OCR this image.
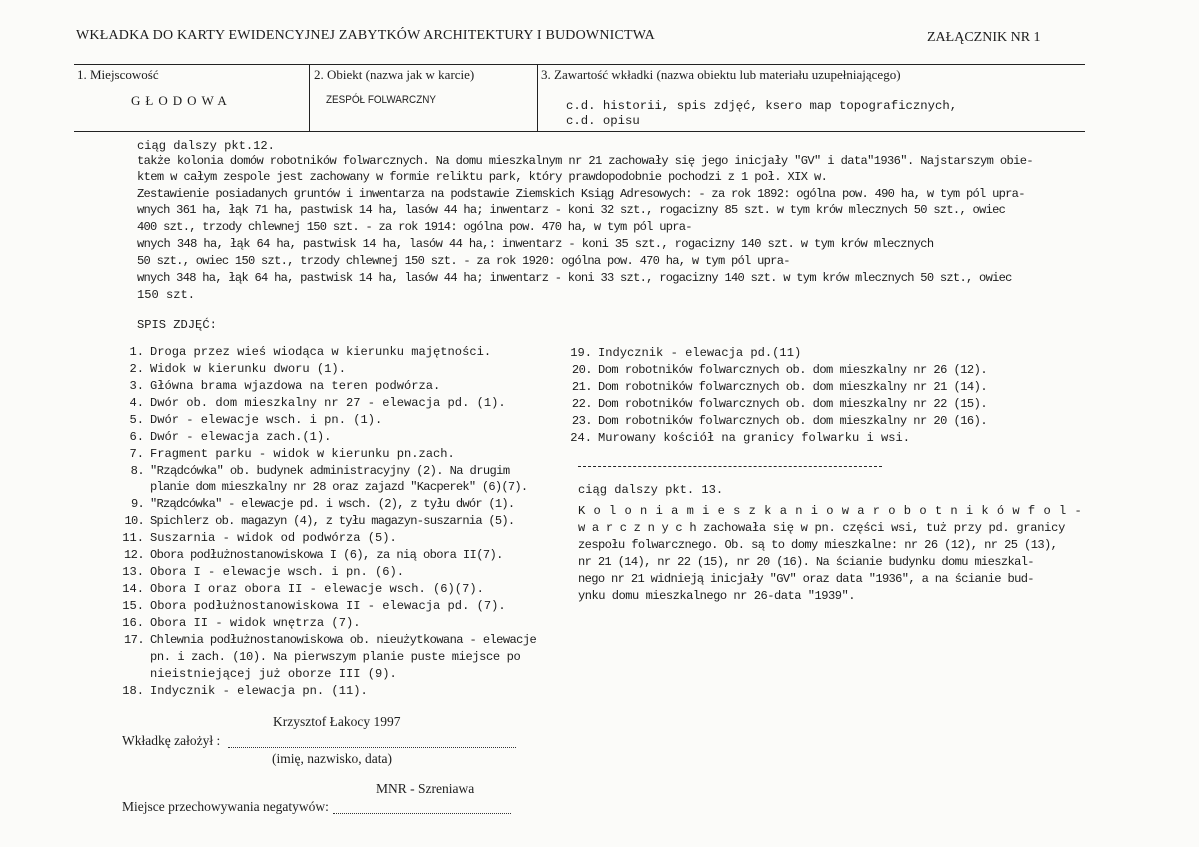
WKŁADKA DO KARTY EWIDENCYJNEJ ZABYTKÓW ARCHITEKTURY I BUDOWNICTWA	ZAŁĄCZNIK NR 1
1. Miejscowość	2. Obiekt (nazwa jak w karcie)	3. Zawartość wkładki (nazwa obiektu lub materiału uzupełniającego)
GŁODOWA	ZESPÓŁ FOLWARCZNY	c.d. historii, spis zdjęć, ksero map topograficznych,
c.d. opisu
ciąg dalszy pkt.12.
także kolonia domów robotników folwarcznych. Na domu mieszkalnym nr 21 zachowały się jego inicjały "GV" i data"1936". Najstarszym obie-
ktem w całym zespole jest zachowany w formie reliktu park, który prawdopodobnie pochodzi z 1 poł. XIX w.
Zestawienie posiadanych gruntów i inwentarza na podstawie Ziemskich Ksiąg Adresowych: - za rok 1892: ogólna pow. 490 ha, w tym pól upra-
wnych 361 ha, łąk 71 ha, pastwisk 14 ha, lasów 44 ha; inwentarz - koni 32 szt., rogacizny 85 szt. w tym krów mlecznych 50 szt., owiec
400 szt., trzody chlewnej 150 szt. - za rok 1914: ogólna pow. 470 ha, w tym pól upra-
wnych 348 ha, łąk 64 ha, pastwisk 14 ha, lasów 44 ha,: inwentarz - koni 35 szt., rogacizny 140 szt. w tym krów mlecznych
50 szt., owiec 150 szt., trzody chlewnej 150 szt. - za rok 1920: ogólna pow. 470 ha, w tym pól upra-
wnych 348 ha, łąk 64 ha, pastwisk 14 ha, lasów 44 ha; inwentarz - koni 33 szt., rogacizny 140 szt. w tym krów mlecznych 50 szt., owiec
150 szt.
SPIS ZDJĘĆ:
1. Droga przez wieś wiodąca w kierunku majętności.
2. Widok w kierunku dworu (1).
3. Główna brama wjazdowa na teren podwórza.
4. Dwór ob. dom mieszkalny nr 27 - elewacja pd. (1).
5. Dwór - elewacje wsch. i pn. (1).
6. Dwór - elewacja zach.(1).
7. Fragment parku - widok w kierunku pn.zach.
8. "Rządcówka" ob. budynek administracyjny (2). Na drugim
planie dom mieszkalny nr 28 oraz zajazd "Kacperek" (6)(7).
9. "Rządcówka" - elewacje pd. i wsch. (2), z tyłu dwór (1).
10. Spichlerz ob. magazyn (4), z tyłu magazyn-suszarnia (5).
11. Suszarnia - widok od podwórza (5).
12. Obora podłużnostanowiskowa I (6), za nią obora II(7).
13. Obora I - elewacje wsch. i pn. (6).
14. Obora I oraz obora II - elewacje wsch. (6)(7).
15. Obora podłużnostanowiskowa II - elewacja pd. (7).
16. Obora II - widok wnętrza (7).
17. Chlewnia podłużnostanowiskowa ob. nieużytkowana - elewacje
pn. i zach. (10). Na pierwszym planie puste miejsce po
nieistniejącej już oborze III (9).
18. Indycznik - elewacja pn. (11).
19. Indycznik - elewacja pd.(11)
20. Dom robotników folwarcznych ob. dom mieszkalny nr 26 (12).
21. Dom robotników folwarcznych ob. dom mieszkalny nr 21 (14).
22. Dom robotników folwarcznych ob. dom mieszkalny nr 22 (15).
23. Dom robotników folwarcznych ob. dom mieszkalny nr 20 (16).
24. Murowany kościół na granicy folwarku i wsi.
ciąg dalszy pkt. 13.
K o l o n i a m i e s z k a n i o w a r o b o t n i k ó w f o l -
w a r c z n y c h zachowała się w pn. części wsi, tuż przy pd. granicy
zespołu folwarcznego. Ob. są to domy mieszkalne: nr 26 (12), nr 25 (13),
nr 21 (14), nr 22 (15), nr 20 (16). Na ścianie budynku domu mieszkal-
nego nr 21 widnieją inicjały "GV" oraz data "1936", a na ścianie bud-
ynku domu mieszkalnego nr 26-data "1939".
Krzysztof Łakocy 1997
Wkładkę założył :
(imię, nazwisko, data)
MNR - Szreniawa
Miejsce przechowywania negatywów:
